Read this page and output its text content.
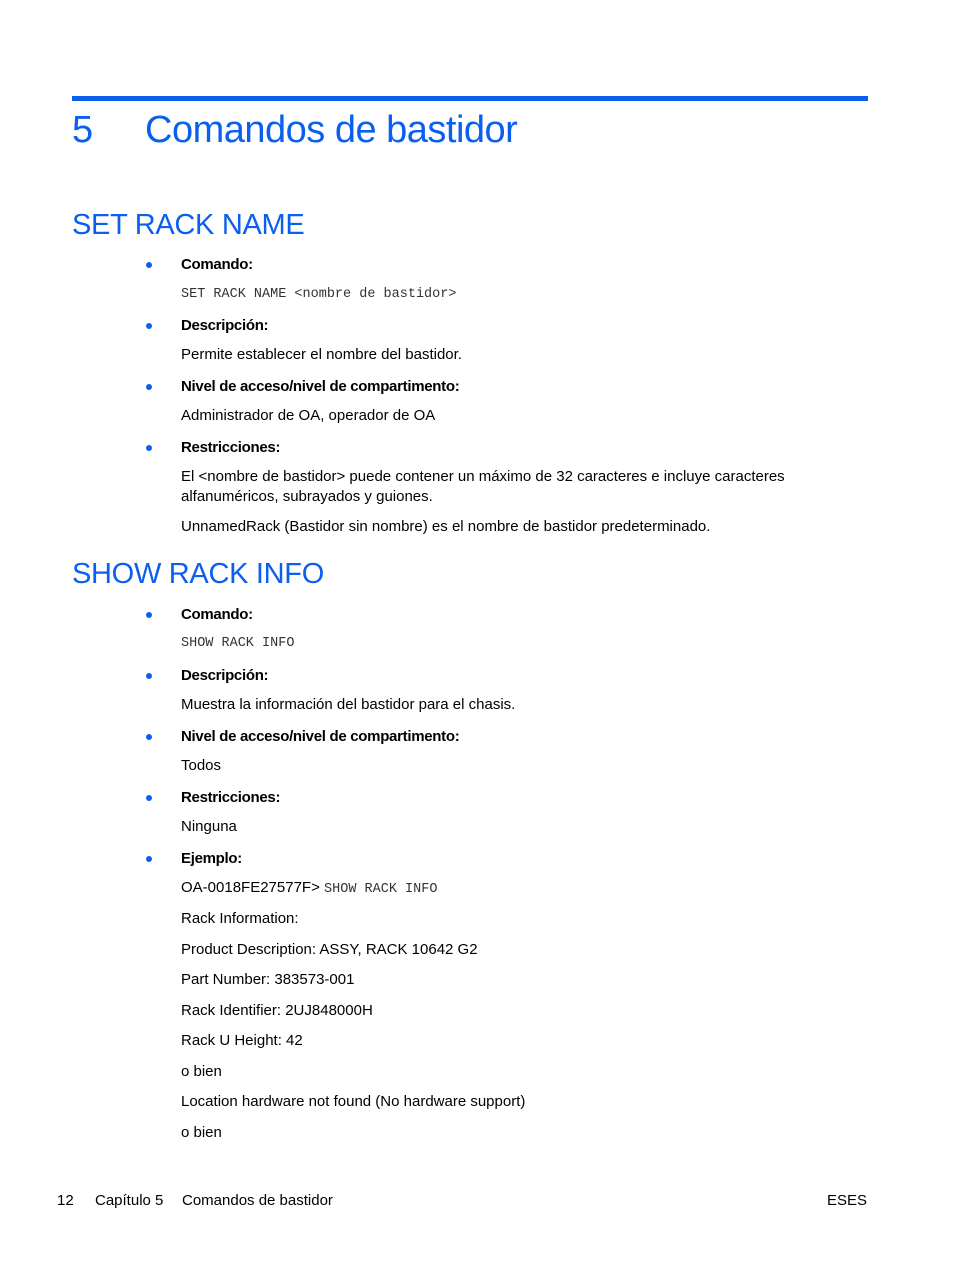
5 Comandos de bastidor
SET RACK NAME
Comando:
SET RACK NAME <nombre de bastidor>
Descripción:
Permite establecer el nombre del bastidor.
Nivel de acceso/nivel de compartimento:
Administrador de OA, operador de OA
Restricciones:
El <nombre de bastidor> puede contener un máximo de 32 caracteres e incluye caracteres alfanuméricos, subrayados y guiones.
UnnamedRack (Bastidor sin nombre) es el nombre de bastidor predeterminado.
SHOW RACK INFO
Comando:
SHOW RACK INFO
Descripción:
Muestra la información del bastidor para el chasis.
Nivel de acceso/nivel de compartimento:
Todos
Restricciones:
Ninguna
Ejemplo:
OA-0018FE27577F> SHOW RACK INFO
Rack Information:
Product Description: ASSY, RACK 10642 G2
Part Number: 383573-001
Rack Identifier: 2UJ848000H
Rack U Height: 42
o bien
Location hardware not found (No hardware support)
o bien
12 Capítulo 5 Comandos de bastidor	ESES
